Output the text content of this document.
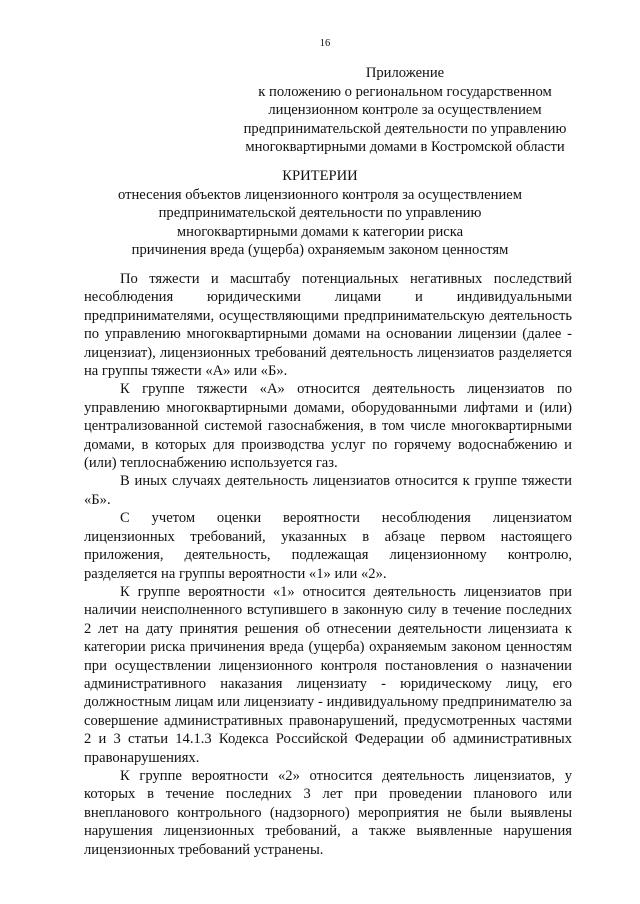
16
Приложение
к положению о региональном государственном
лицензионном контроле за осуществлением
предпринимательской деятельности по управлению
многоквартирными домами в Костромской области
КРИТЕРИИ
отнесения объектов лицензионного контроля за осуществлением
предпринимательской деятельности по управлению
многоквартирными домами к категории риска
причинения вреда (ущерба) охраняемым законом ценностям

По тяжести и масштабу потенциальных негативных последствий несоблюдения юридическими лицами и индивидуальными предпринимателями, осуществляющими предпринимательскую деятельность по управлению многоквартирными домами на основании лицензии (далее - лицензиат), лицензионных требований деятельность лицензиатов разделяется на группы тяжести «А» или «Б».

К группе тяжести «А» относится деятельность лицензиатов по управлению многоквартирными домами, оборудованными лифтами и (или) централизованной системой газоснабжения, в том числе многоквартирными домами, в которых для производства услуг по горячему водоснабжению и (или) теплоснабжению используется газ.

В иных случаях деятельность лицензиатов относится к группе тяжести «Б».

С учетом оценки вероятности несоблюдения лицензиатом лицензионных требований, указанных в абзаце первом настоящего приложения, деятельность, подлежащая лицензионному контролю, разделяется на группы вероятности «1» или «2».

К группе вероятности «1» относится деятельность лицензиатов при наличии неисполненного вступившего в законную силу в течение последних 2 лет на дату принятия решения об отнесении деятельности лицензиата к категории риска причинения вреда (ущерба) охраняемым законом ценностям при осуществлении лицензионного контроля постановления о назначении административного наказания лицензиату - юридическому лицу, его должностным лицам или лицензиату - индивидуальному предпринимателю за совершение административных правонарушений, предусмотренных частями 2 и 3 статьи 14.1.3 Кодекса Российской Федерации об административных правонарушениях.

К группе вероятности «2» относится деятельность лицензиатов, у которых в течение последних 3 лет при проведении планового или внепланового контрольного (надзорного) мероприятия не были выявлены нарушения лицензионных требований, а также выявленные нарушения лицензионных требований устранены.
